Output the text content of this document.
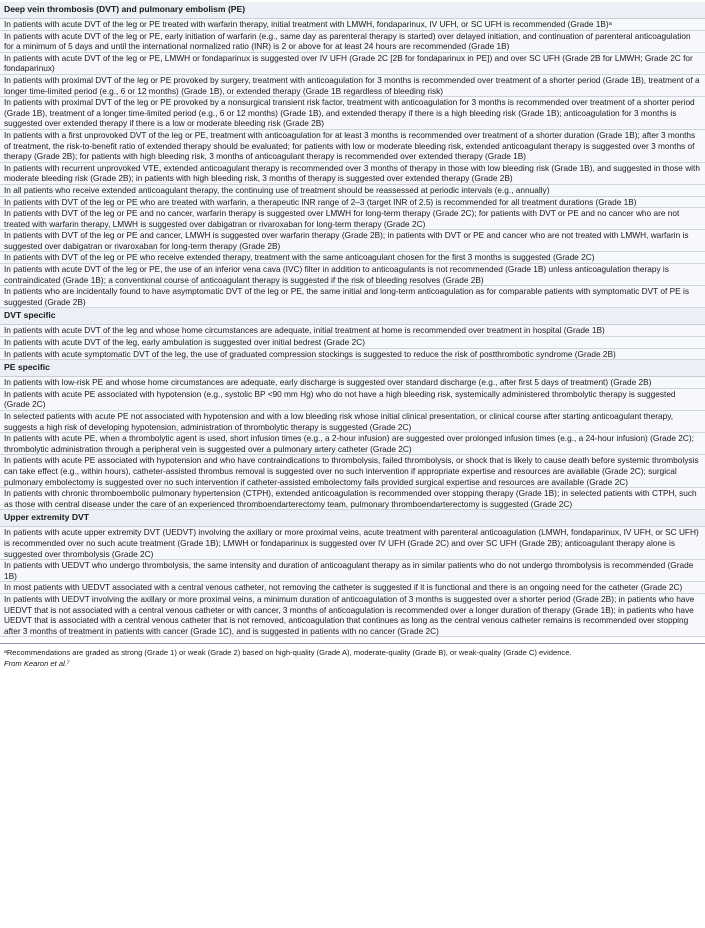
Deep vein thrombosis (DVT) and pulmonary embolism (PE)
In patients with acute DVT of the leg or PE treated with warfarin therapy, initial treatment with LMWH, fondaparinux, IV UFH, or SC UFH is recommended (Grade 1B)ᵃ
In patients with acute DVT of the leg or PE, early initiation of warfarin (e.g., same day as parenteral therapy is started) over delayed initiation, and continuation of parenteral anticoagulation for a minimum of 5 days and until the international normalized ratio (INR) is 2 or above for at least 24 hours are recommended (Grade 1B)
In patients with acute DVT of the leg or PE, LMWH or fondaparinux is suggested over IV UFH (Grade 2C [2B for fondaparinux in PE]) and over SC UFH (Grade 2B for LMWH; Grade 2C for fondaparinux)
In patients with proximal DVT of the leg or PE provoked by surgery, treatment with anticoagulation for 3 months is recommended over treatment of a shorter period (Grade 1B), treatment of a longer time-limited period (e.g., 6 or 12 months) (Grade 1B), or extended therapy (Grade 1B regardless of bleeding risk)
In patients with proximal DVT of the leg or PE provoked by a nonsurgical transient risk factor, treatment with anticoagulation for 3 months is recommended over treatment of a shorter period (Grade 1B), treatment of a longer time-limited period (e.g., 6 or 12 months) (Grade 1B), and extended therapy if there is a high bleeding risk (Grade 1B); anticoagulation for 3 months is suggested over extended therapy if there is a low or moderate bleeding risk (Grade 2B)
In patients with a first unprovoked DVT of the leg or PE, treatment with anticoagulation for at least 3 months is recommended over treatment of a shorter duration (Grade 1B); after 3 months of treatment, the risk-to-benefit ratio of extended therapy should be evaluated; for patients with low or moderate bleeding risk, extended anticoagulant therapy is suggested over 3 months of therapy (Grade 2B); for patients with high bleeding risk, 3 months of anticoagulant therapy is recommended over extended therapy (Grade 1B)
In patients with recurrent unprovoked VTE, extended anticoagulant therapy is recommended over 3 months of therapy in those with low bleeding risk (Grade 1B), and suggested in those with moderate bleeding risk (Grade 2B); in patients with high bleeding risk, 3 months of therapy is suggested over extended therapy (Grade 2B)
In all patients who receive extended anticoagulant therapy, the continuing use of treatment should be reassessed at periodic intervals (e.g., annually)
In patients with DVT of the leg or PE who are treated with warfarin, a therapeutic INR range of 2–3 (target INR of 2.5) is recommended for all treatment durations (Grade 1B)
In patients with DVT of the leg or PE and no cancer, warfarin therapy is suggested over LMWH for long-term therapy (Grade 2C); for patients with DVT or PE and no cancer who are not treated with warfarin therapy, LMWH is suggested over dabigatran or rivaroxaban for long-term therapy (Grade 2C)
In patients with DVT of the leg or PE and cancer, LMWH is suggested over warfarin therapy (Grade 2B); in patients with DVT or PE and cancer who are not treated with LMWH, warfarin is suggested over dabigatran or rivaroxaban for long-term therapy (Grade 2B)
In patients with DVT of the leg or PE who receive extended therapy, treatment with the same anticoagulant chosen for the first 3 months is suggested (Grade 2C)
In patients with acute DVT of the leg or PE, the use of an inferior vena cava (IVC) filter in addition to anticoagulants is not recommended (Grade 1B) unless anticoagulation therapy is contraindicated (Grade 1B); a conventional course of anticoagulant therapy is suggested if the risk of bleeding resolves (Grade 2B)
In patients who are incidentally found to have asymptomatic DVT of the leg or PE, the same initial and long-term anticoagulation as for comparable patients with symptomatic DVT of PE is suggested (Grade 2B)
DVT specific
In patients with acute DVT of the leg and whose home circumstances are adequate, initial treatment at home is recommended over treatment in hospital (Grade 1B)
In patients with acute DVT of the leg, early ambulation is suggested over initial bedrest (Grade 2C)
In patients with acute symptomatic DVT of the leg, the use of graduated compression stockings is suggested to reduce the risk of postthrombotic syndrome (Grade 2B)
PE specific
In patients with low-risk PE and whose home circumstances are adequate, early discharge is suggested over standard discharge (e.g., after first 5 days of treatment) (Grade 2B)
In patients with acute PE associated with hypotension (e.g., systolic BP <90 mm Hg) who do not have a high bleeding risk, systemically administered thrombolytic therapy is suggested (Grade 2C)
In selected patients with acute PE not associated with hypotension and with a low bleeding risk whose initial clinical presentation, or clinical course after starting anticoagulant therapy, suggests a high risk of developing hypotension, administration of thrombolytic therapy is suggested (Grade 2C)
In patients with acute PE, when a thrombolytic agent is used, short infusion times (e.g., a 2-hour infusion) are suggested over prolonged infusion times (e.g., a 24-hour infusion) (Grade 2C); thrombolytic administration through a peripheral vein is suggested over a pulmonary artery catheter (Grade 2C)
In patients with acute PE associated with hypotension and who have contraindications to thrombolysis, failed thrombolysis, or shock that is likely to cause death before systemic thrombolysis can take effect (e.g., within hours), catheter-assisted thrombus removal is suggested over no such intervention if appropriate expertise and resources are available (Grade 2C); surgical pulmonary embolectomy is suggested over no such intervention if catheter-assisted embolectomy fails provided surgical expertise and resources are available (Grade 2C)
In patients with chronic thromboembolic pulmonary hypertension (CTPH), extended anticoagulation is recommended over stopping therapy (Grade 1B); in selected patients with CTPH, such as those with central disease under the care of an experienced thromboendarterectomy team, pulmonary thromboendarterectomy is suggested (Grade 2C)
Upper extremity DVT
In patients with acute upper extremity DVT (UEDVT) involving the axillary or more proximal veins, acute treatment with parenteral anticoagulation (LMWH, fondaparinux, IV UFH, or SC UFH) is recommended over no such acute treatment (Grade 1B); LMWH or fondaparinux is suggested over IV UFH (Grade 2C) and over SC UFH (Grade 2B); anticoagulant therapy alone is suggested over thrombolysis (Grade 2C)
In patients with UEDVT who undergo thrombolysis, the same intensity and duration of anticoagulant therapy as in similar patients who do not undergo thrombolysis is recommended (Grade 1B)
In most patients with UEDVT associated with a central venous catheter, not removing the catheter is suggested if it is functional and there is an ongoing need for the catheter (Grade 2C)
In patients with UEDVT involving the axillary or more proximal veins, a minimum duration of anticoagulation of 3 months is suggested over a shorter period (Grade 2B); in patients who have UEDVT that is not associated with a central venous catheter or with cancer, 3 months of anticoagulation is recommended over a longer duration of therapy (Grade 1B); in patients who have UEDVT that is associated with a central venous catheter that is not removed, anticoagulation that continues as long as the central venous catheter remains is recommended over stopping after 3 months of treatment in patients with cancer (Grade 1C), and is suggested in patients with no cancer (Grade 2C)
ᵃRecommendations are graded as strong (Grade 1) or weak (Grade 2) based on high-quality (Grade A), moderate-quality (Grade B), or weak-quality (Grade C) evidence.
From Kearon et al.⁷
